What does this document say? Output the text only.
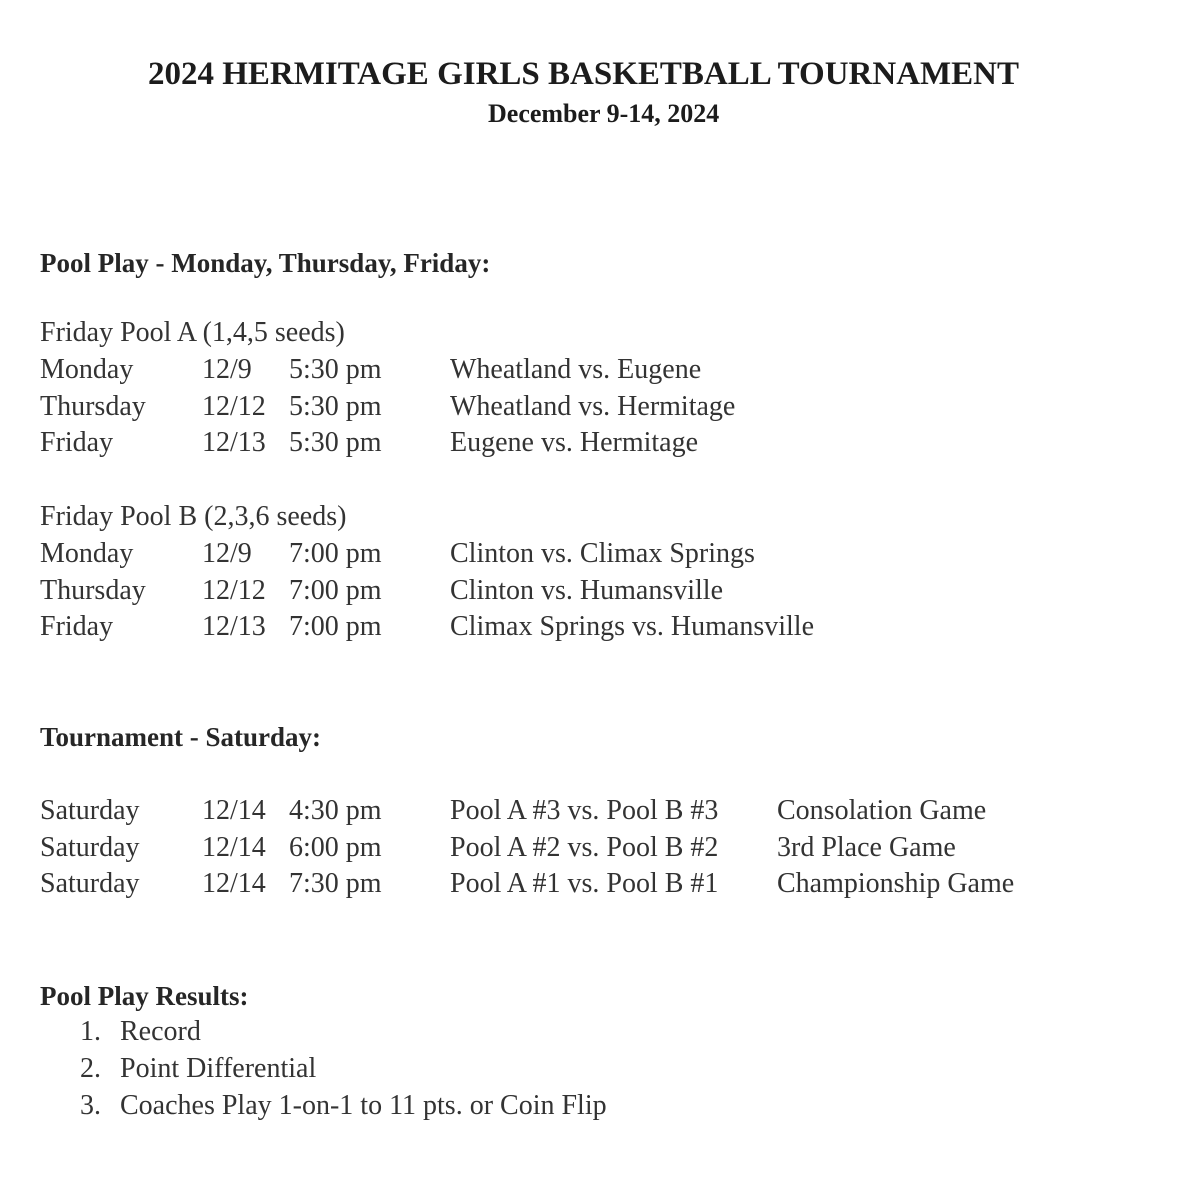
2024 HERMITAGE GIRLS BASKETBALL TOURNAMENT
December 9-14, 2024
Pool Play - Monday, Thursday, Friday:
Friday Pool A (1,4,5 seeds)
Monday 12/9 5:30 pm Wheatland vs. Eugene
Thursday 12/12 5:30 pm Wheatland vs. Hermitage
Friday	12/13 5:30 pm Eugene vs. Hermitage
Friday Pool B (2,3,6 seeds)
Monday 12/9 7:00 pm Clinton vs. Climax Springs
Thursday 12/12 7:00 pm Clinton vs. Humansville
Friday	12/13 7:00 pm Climax Springs vs. Humansville
Tournament - Saturday:
Saturday 12/14 4:30 pm Pool A #3 vs. Pool B #3 Consolation Game
Saturday 12/14 6:00 pm Pool A #2 vs. Pool B #2 3rd Place Game
Saturday 12/14 7:30 pm Pool A #1 vs. Pool B #1 Championship Game
Pool Play Results:
1. Record
2. Point Differential
3. Coaches Play 1-on-1 to 11 pts. or Coin Flip
